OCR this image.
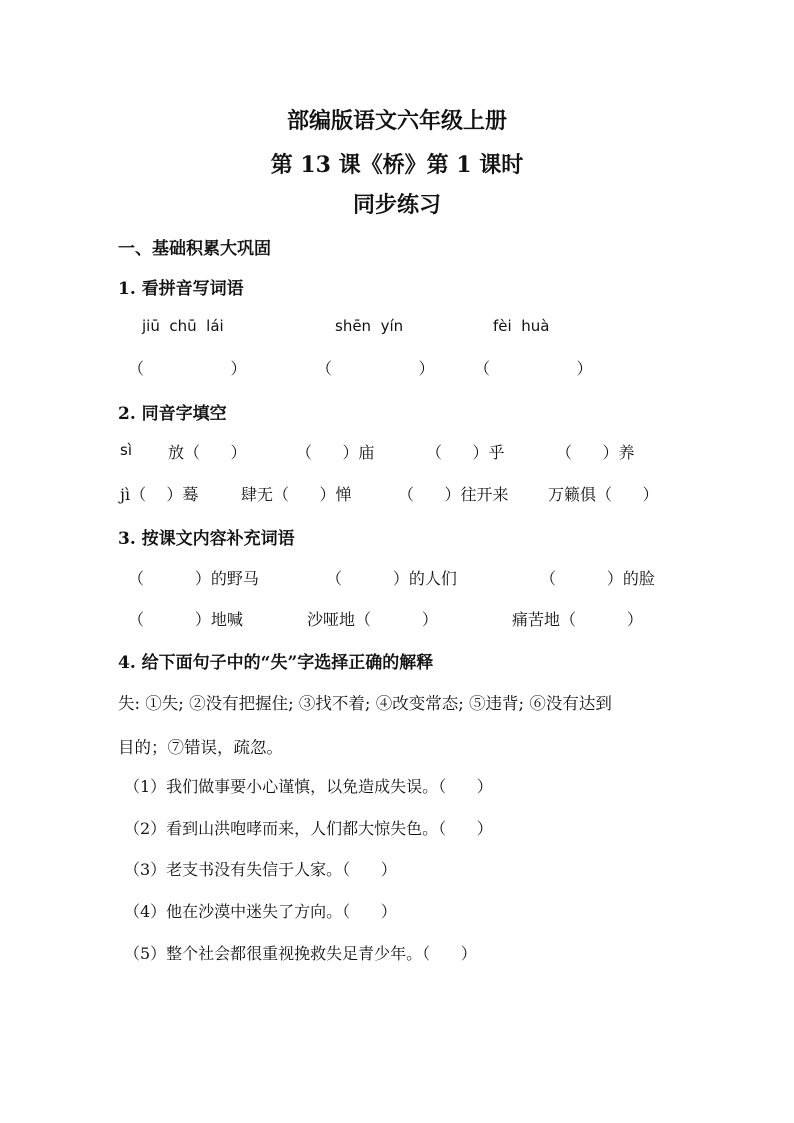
部编版语文六年级上册
第 13 课《桥》第 1 课时
同步练习
一、基础积累大巩固
1. 看拼音写词语
jiū  chū  lái	shēn  yín	fèi  huà
（                 ）	（                 ） （                 ）
2. 同音字填空
sì 放（      ）	（      ）庙	（      ）乎	（      ）养
jì（    ）蓦	肆无（      ）惮	（      ）往开来 万籁俱（      ）
3. 按课文内容补充词语
（          ）的野马	（          ）的人们	（          ）的脸
（          ）地喊	沙哑地（          ）	痛苦地（          ）
4. 给下面句子中的“失”字选择正确的解释
失: ①失; ②没有把握住; ③找不着; ④改变常态; ⑤违背; ⑥没有达到
目的；⑦错误，疏忽。
（1）我们做事要小心谨慎，以免造成失误。（      ）
（2）看到山洪咆哮而来，人们都大惊失色。（      ）
（3）老支书没有失信于人家。（      ）
（4）他在沙漠中迷失了方向。（      ）
（5）整个社会都很重视挽救失足青少年。（      ）
